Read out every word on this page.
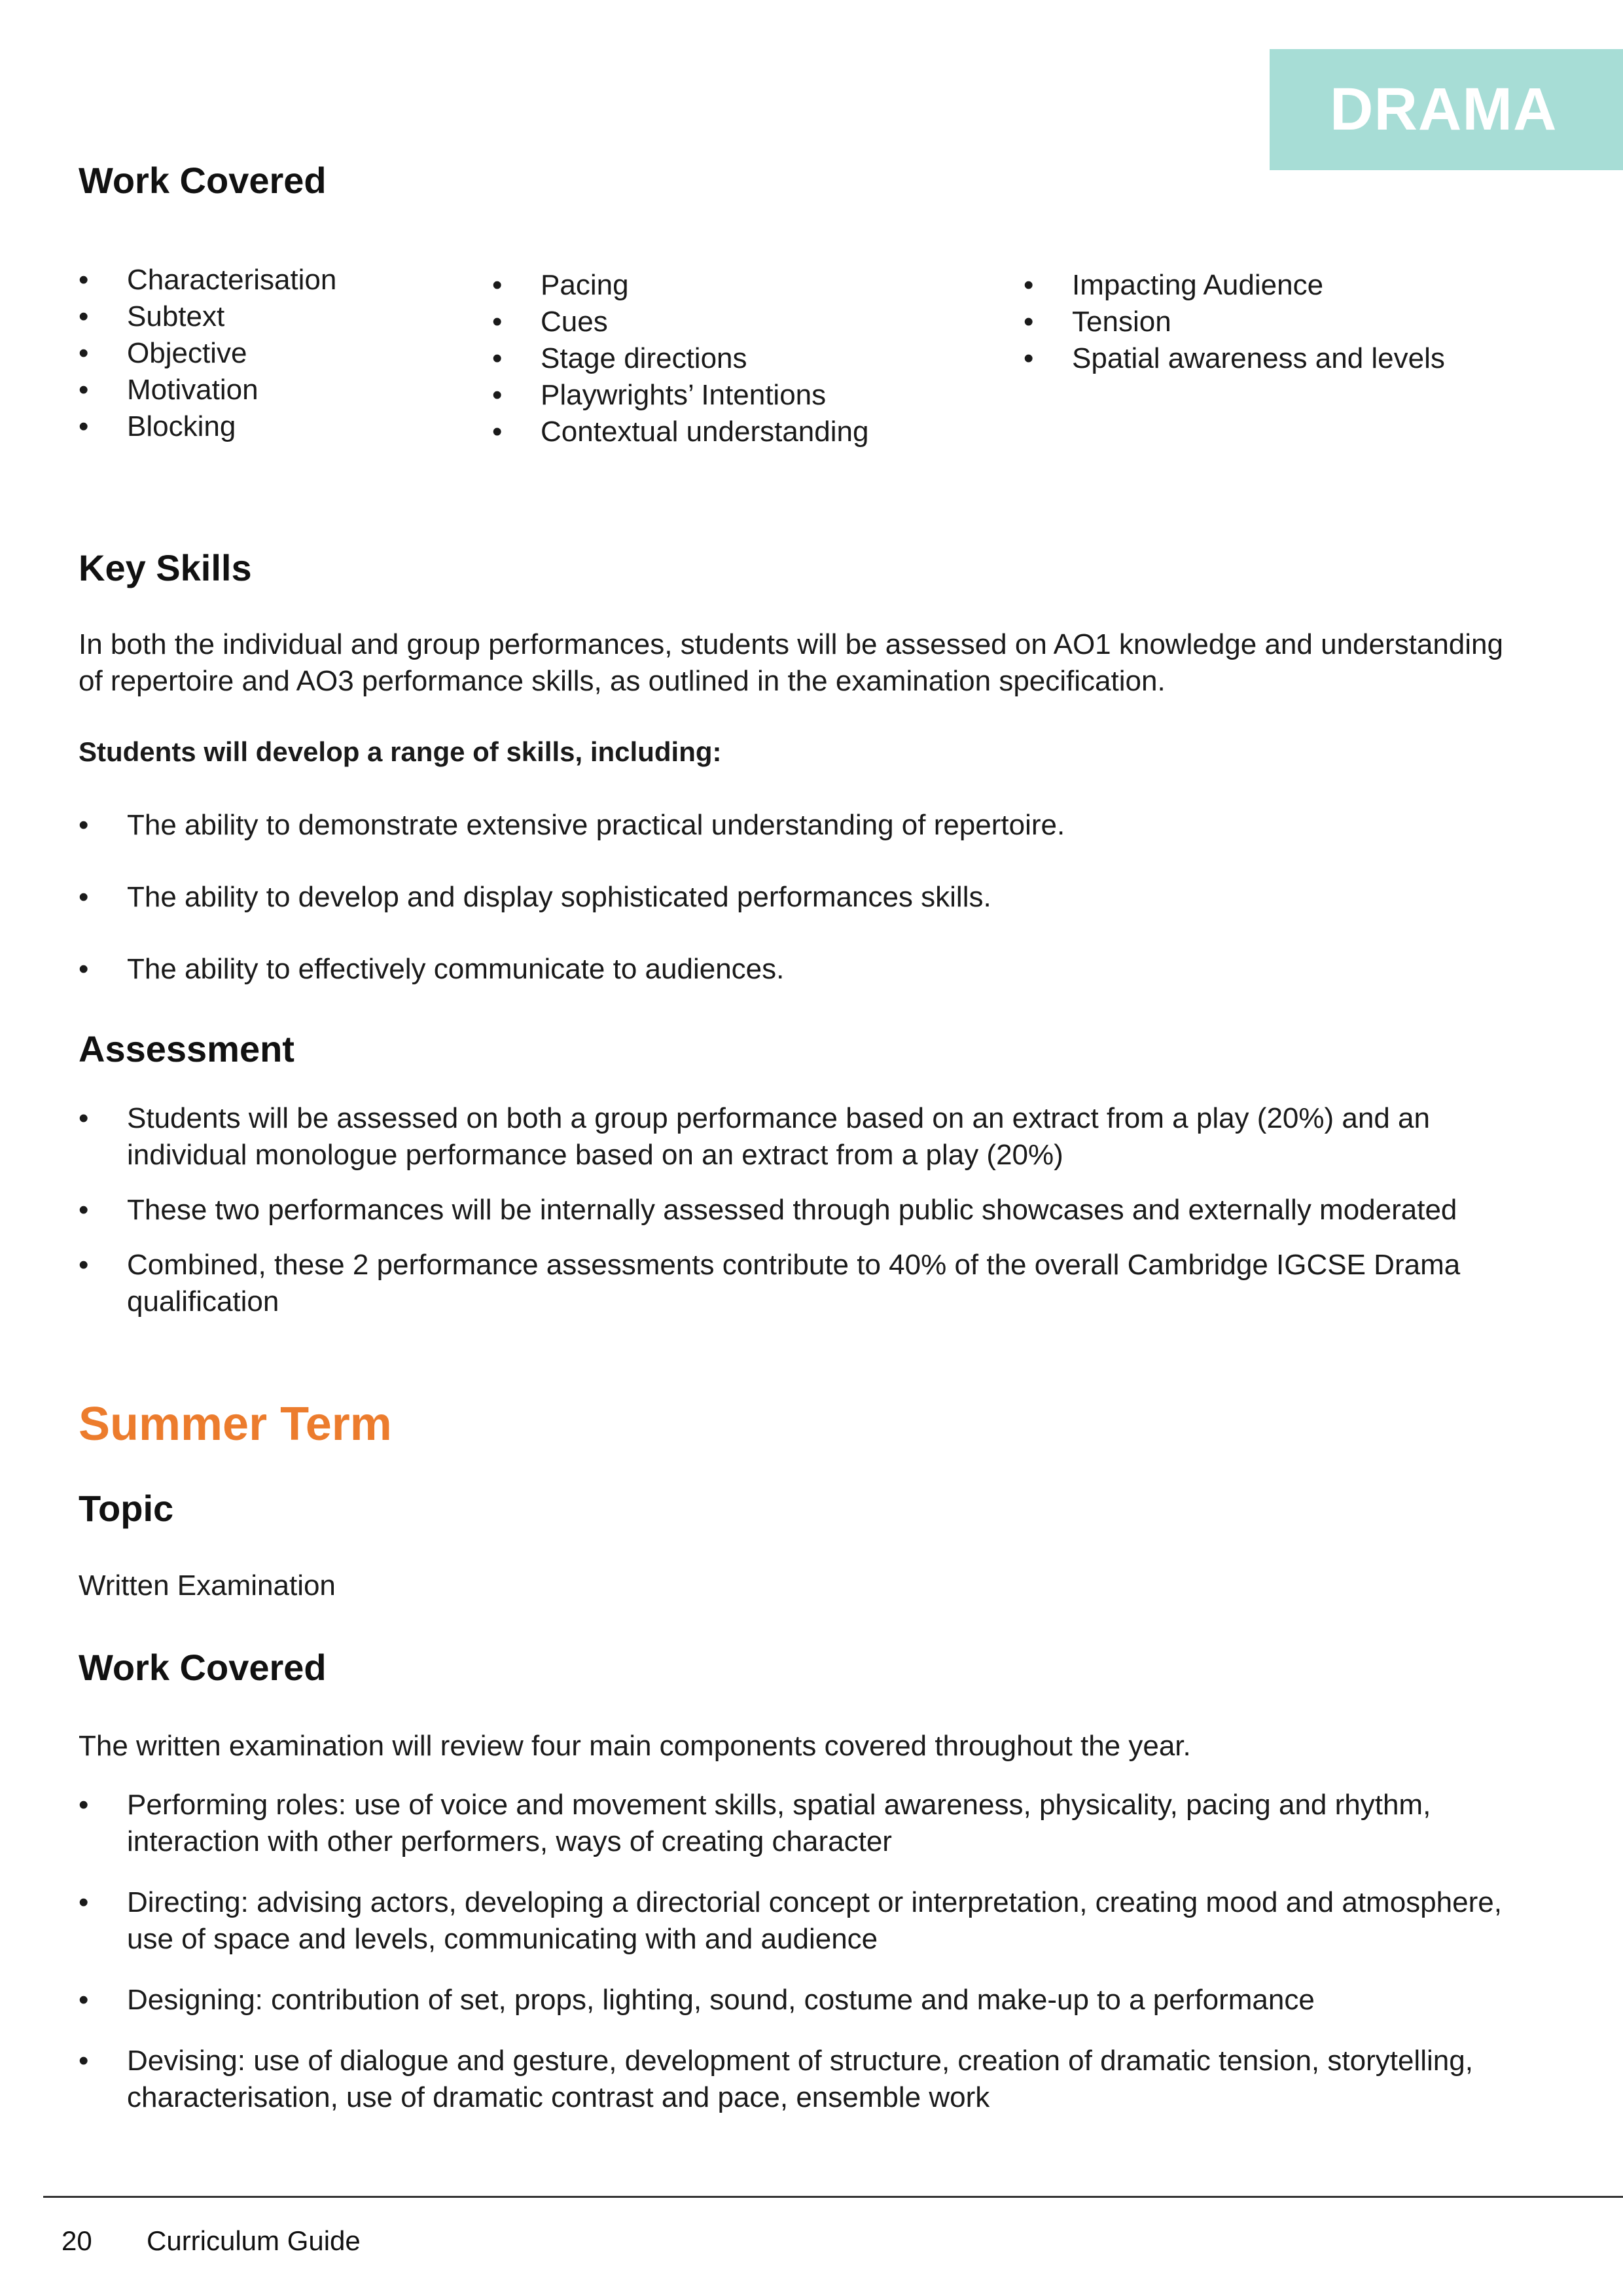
DRAMA
Work Covered
• Characterisation
• Subtext
• Objective
• Motivation
• Blocking
• Pacing
• Cues
• Stage directions
• Playwrights’ Intentions
• Contextual understanding
• Impacting Audience
• Tension
• Spatial awareness and levels
Key Skills

In both the individual and group performances, students will be assessed on AO1 knowledge and understanding of repertoire and AO3 performance skills, as outlined in the examination specification.

Students will develop a range of skills, including:

• The ability to demonstrate extensive practical understanding of repertoire.
• The ability to develop and display sophisticated performances skills.
• The ability to effectively communicate to audiences.
Assessment
• Students will be assessed on both a group performance based on an extract from a play (20%) and an individual monologue performance based on an extract from a play (20%)
• These two performances will be internally assessed through public showcases and externally moderated
• Combined, these 2 performance assessments contribute to 40% of the overall Cambridge IGCSE Drama qualification
Summer Term
Topic

Written Examination

Work Covered

The written examination will review four main components covered throughout the year.

• Performing roles: use of voice and movement skills, spatial awareness, physicality, pacing and rhythm, interaction with other performers, ways of creating character
• Directing: advising actors, developing a directorial concept or interpretation, creating mood and atmosphere, use of space and levels, communicating with and audience
• Designing: contribution of set, props, lighting, sound, costume and make-up to a performance
• Devising: use of dialogue and gesture, development of structure, creation of dramatic tension, storytelling, characterisation, use of dramatic contrast and pace, ensemble work
20 Curriculum Guide
